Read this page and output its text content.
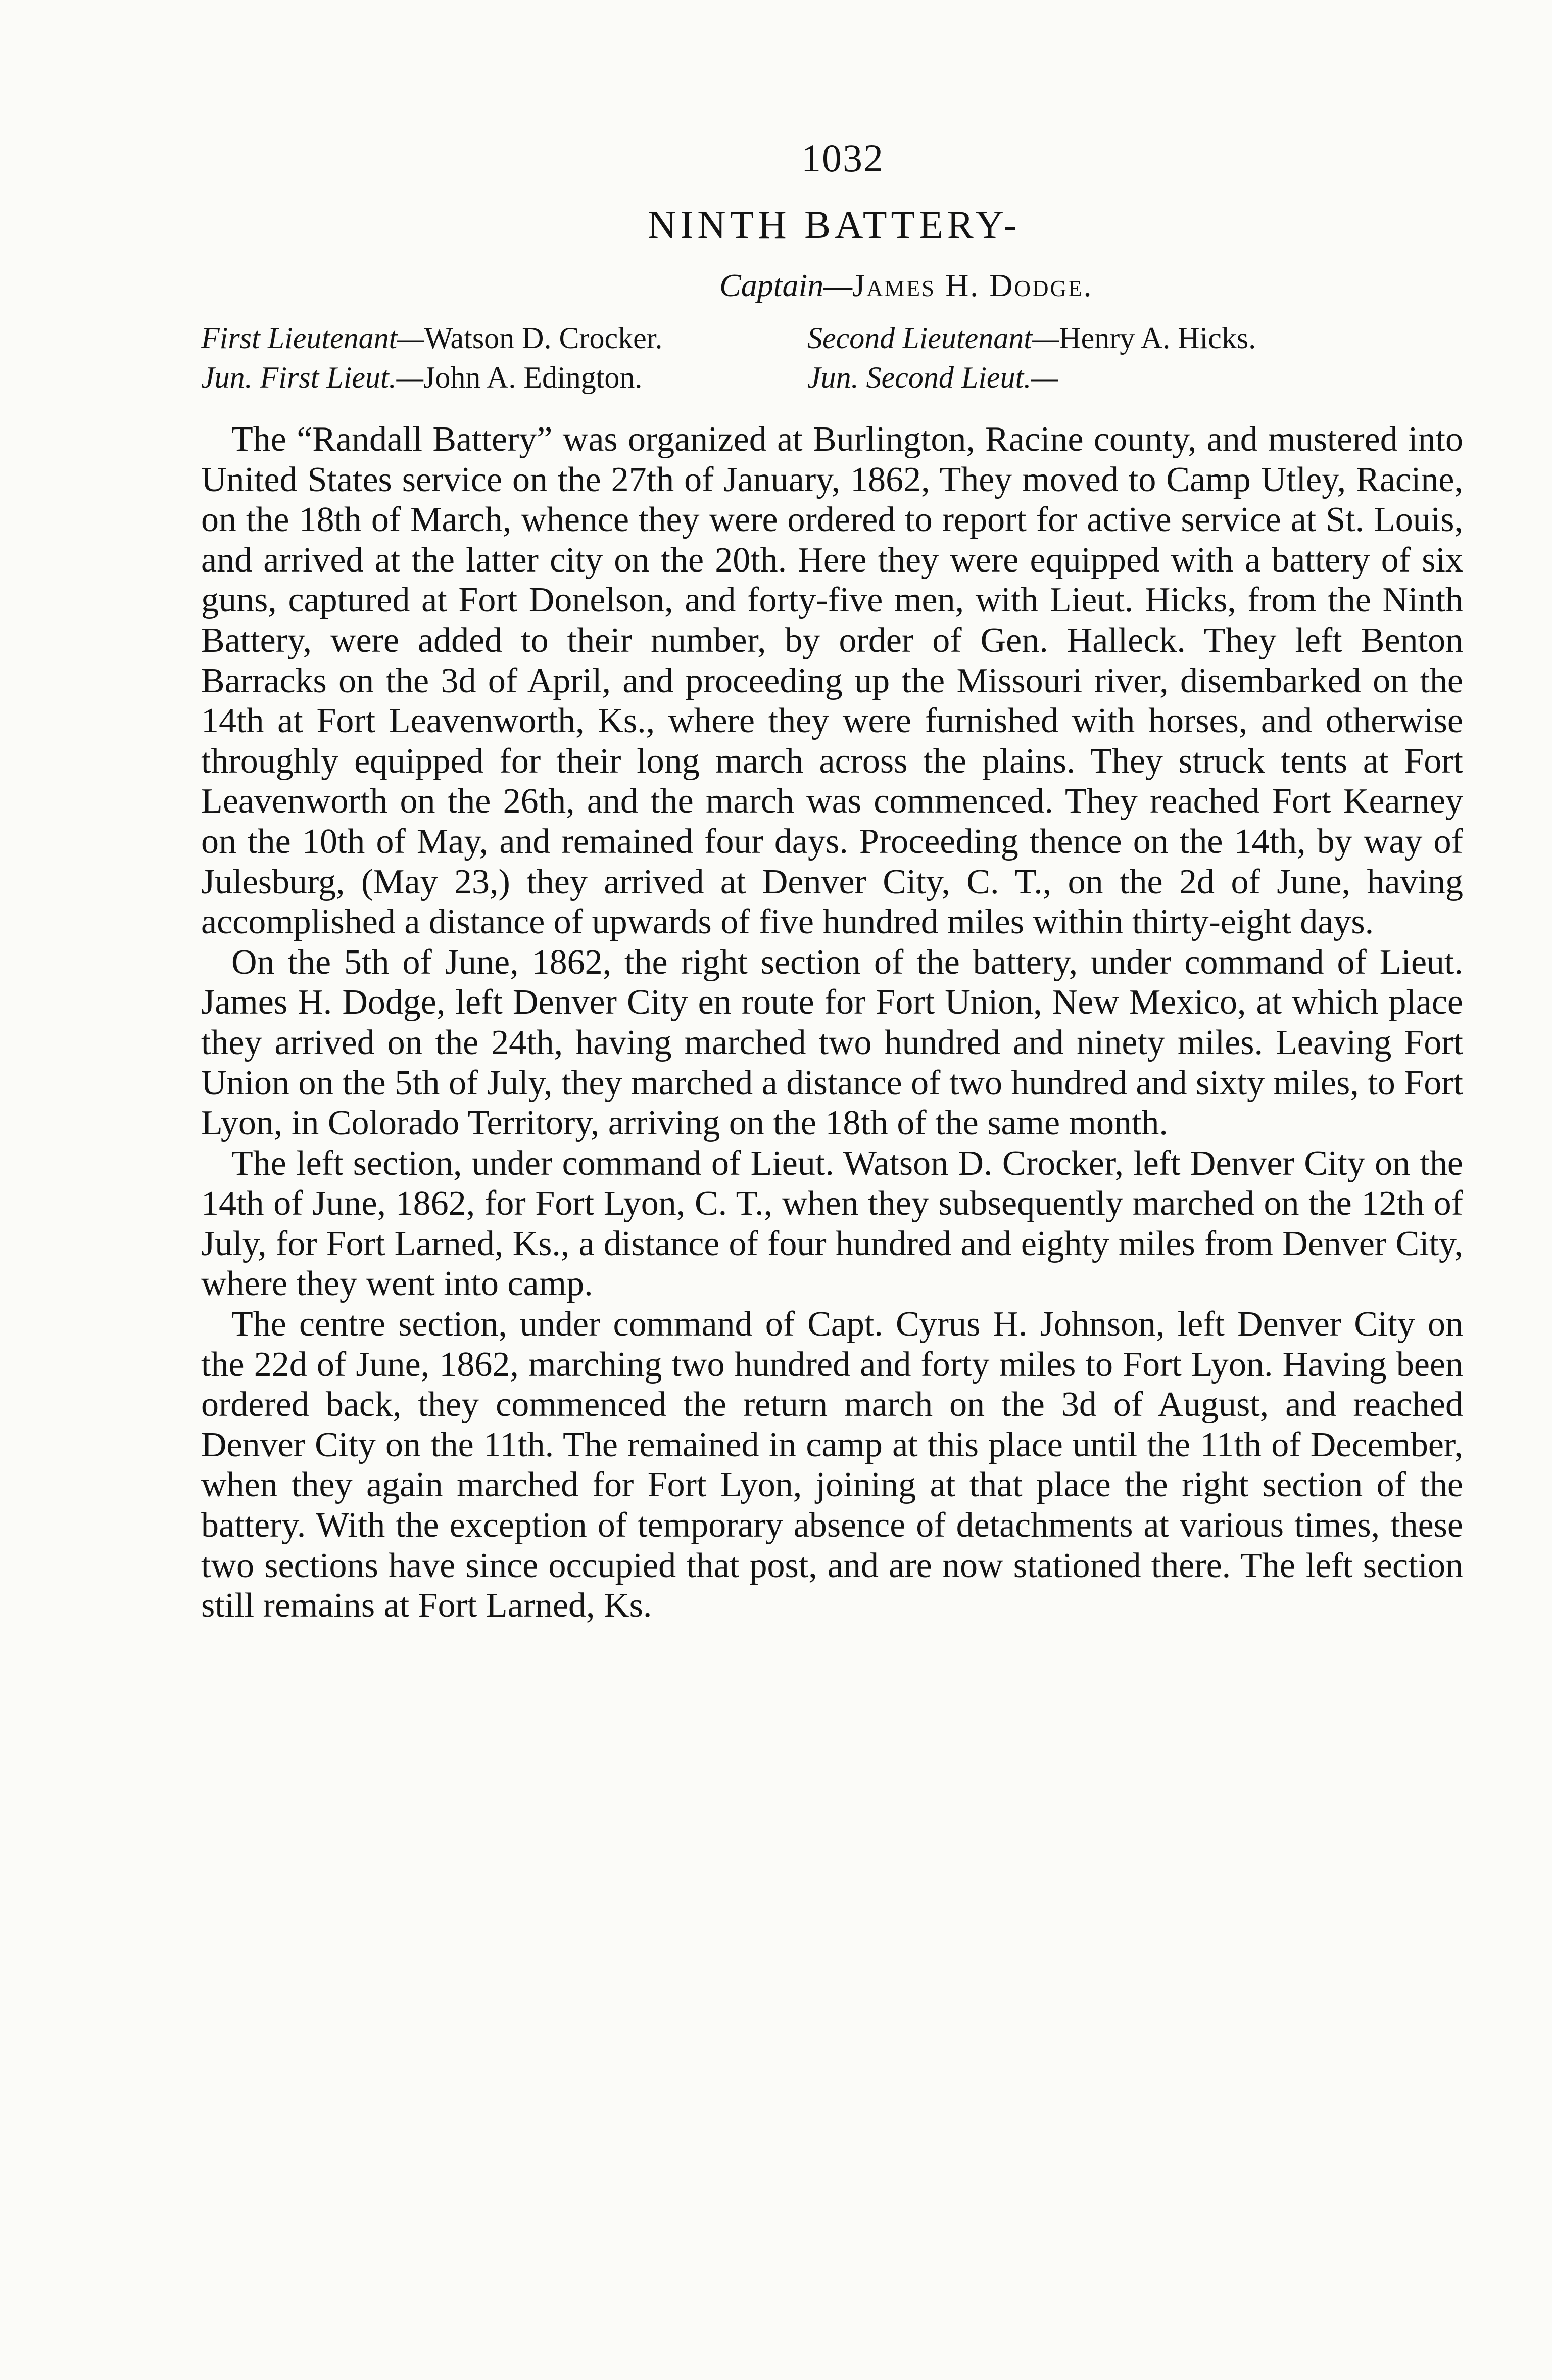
1032
NINTH BATTERY-
Captain—James H. Dodge.
First Lieutenant—Watson D. Crocker.	Second Lieutenant—Henry A. Hicks.
Jun. First Lieut.—John A. Edington.	Jun. Second Lieut.—

The “Randall Battery” was organized at Burlington, Racine county, and mustered into United States service on the 27th of January, 1862, They moved to Camp Utley, Racine, on the 18th of March, whence they were ordered to report for active service at St. Louis, and arrived at the latter city on the 20th. Here they were equipped with a battery of six guns, captured at Fort Donelson, and forty-five men, with Lieut. Hicks, from the Ninth Battery, were added to their number, by order of Gen. Halleck. They left Benton Barracks on the 3d of April, and proceeding up the Missouri river, disembarked on the 14th at Fort Leavenworth, Ks., where they were furnished with horses, and otherwise throughly equipped for their long march across the plains. They struck tents at Fort Leavenworth on the 26th, and the march was commenced. They reached Fort Kearney on the 10th of May, and remained four days. Proceeding thence on the 14th, by way of Julesburg, (May 23,) they arrived at Denver City, C. T., on the 2d of June, having accomplished a distance of upwards of five hundred miles within thirty-eight days.

On the 5th of June, 1862, the right section of the battery, under command of Lieut. James H. Dodge, left Denver City en route for Fort Union, New Mexico, at which place they arrived on the 24th, having marched two hundred and ninety miles. Leaving Fort Union on the 5th of July, they marched a distance of two hundred and sixty miles, to Fort Lyon, in Colorado Territory, arriving on the 18th of the same month.

The left section, under command of Lieut. Watson D. Crocker, left Denver City on the 14th of June, 1862, for Fort Lyon, C. T., when they subsequently marched on the 12th of July, for Fort Larned, Ks., a distance of four hundred and eighty miles from Denver City, where they went into camp.

The centre section, under command of Capt. Cyrus H. Johnson, left Denver City on the 22d of June, 1862, marching two hundred and forty miles to Fort Lyon. Having been ordered back, they commenced the return march on the 3d of August, and reached Denver City on the 11th. The remained in camp at this place until the 11th of December, when they again marched for Fort Lyon, joining at that place the right section of the battery. With the exception of temporary absence of detachments at various times, these two sections have since occupied that post, and are now stationed there. The left section still remains at Fort Larned, Ks.
